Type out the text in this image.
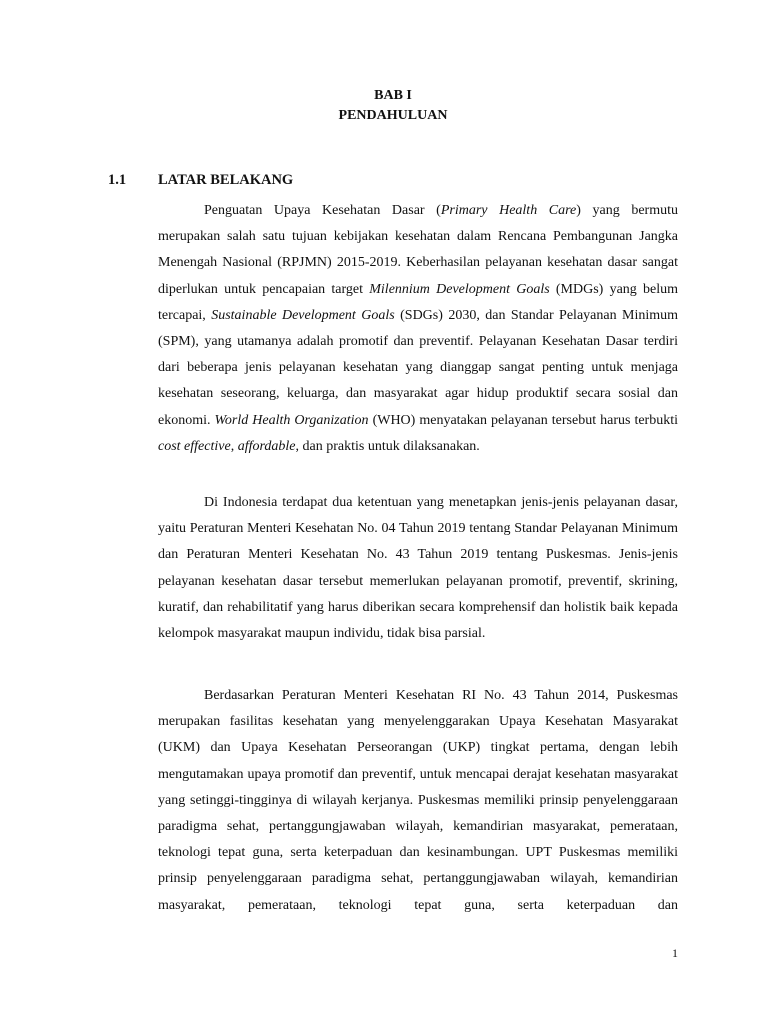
BAB I
PENDAHULUAN
1.1 LATAR BELAKANG

Penguatan Upaya Kesehatan Dasar (Primary Health Care) yang bermutu merupakan salah satu tujuan kebijakan kesehatan dalam Rencana Pembangunan Jangka Menengah Nasional (RPJMN) 2015-2019. Keberhasilan pelayanan kesehatan dasar sangat diperlukan untuk pencapaian target Milennium Development Goals (MDGs) yang belum tercapai, Sustainable Development Goals (SDGs) 2030, dan Standar Pelayanan Minimum (SPM), yang utamanya adalah promotif dan preventif. Pelayanan Kesehatan Dasar terdiri dari beberapa jenis pelayanan kesehatan yang dianggap sangat penting untuk menjaga kesehatan seseorang, keluarga, dan masyarakat agar hidup produktif secara sosial dan ekonomi. World Health Organization (WHO) menyatakan pelayanan tersebut harus terbukti cost effective, affordable, dan praktis untuk dilaksanakan.

Di Indonesia terdapat dua ketentuan yang menetapkan jenis-jenis pelayanan dasar, yaitu Peraturan Menteri Kesehatan No. 04 Tahun 2019 tentang Standar Pelayanan Minimum dan Peraturan Menteri Kesehatan No. 43 Tahun 2019 tentang Puskesmas. Jenis-jenis pelayanan kesehatan dasar tersebut memerlukan pelayanan promotif, preventif, skrining, kuratif, dan rehabilitatif yang harus diberikan secara komprehensif dan holistik baik kepada kelompok masyarakat maupun individu, tidak bisa parsial.

Berdasarkan Peraturan Menteri Kesehatan RI No. 43 Tahun 2014, Puskesmas merupakan fasilitas kesehatan yang menyelenggarakan Upaya Kesehatan Masyarakat (UKM) dan Upaya Kesehatan Perseorangan (UKP) tingkat pertama, dengan lebih mengutamakan upaya promotif dan preventif, untuk mencapai derajat kesehatan masyarakat yang setinggi-tingginya di wilayah kerjanya. Puskesmas memiliki prinsip penyelenggaraan paradigma sehat, pertanggungjawaban wilayah, kemandirian masyarakat, pemerataan, teknologi tepat guna, serta keterpaduan dan kesinambungan. UPT Puskesmas memiliki prinsip penyelenggaraan paradigma sehat, pertanggungjawaban wilayah, kemandirian masyarakat, pemerataan, teknologi tepat guna, serta keterpaduan dan

1
